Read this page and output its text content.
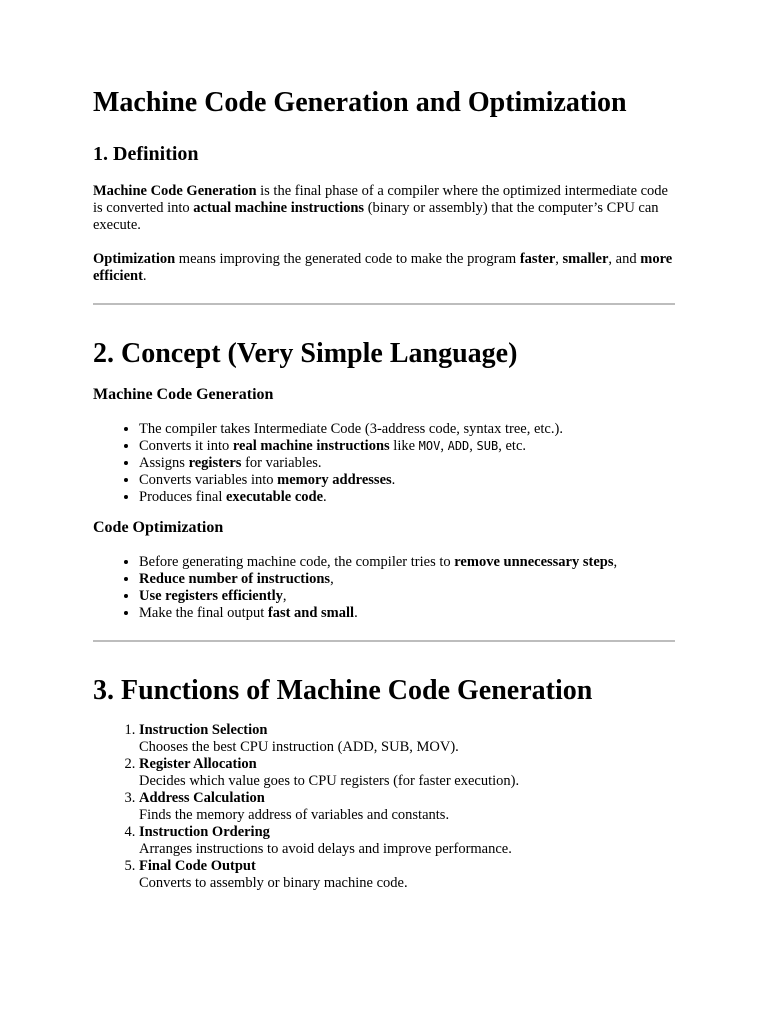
Machine Code Generation and Optimization
1. Definition

Machine Code Generation is the final phase of a compiler where the optimized intermediate code is converted into actual machine instructions (binary or assembly) that the computer’s CPU can execute.

Optimization means improving the generated code to make the program faster, smaller, and more efficient.

2. Concept (Very Simple Language)
Machine Code Generation
• The compiler takes Intermediate Code (3-address code, syntax tree, etc.).
• Converts it into real machine instructions like MOV, ADD, SUB, etc.
• Assigns registers for variables.
• Converts variables into memory addresses.
• Produces final executable code.
Code Optimization
• Before generating machine code, the compiler tries to remove unnecessary steps,
• Reduce number of instructions,
• Use registers efficiently,
• Make the final output fast and small.
3. Functions of Machine Code Generation
1. Instruction Selection
Chooses the best CPU instruction (ADD, SUB, MOV).
2. Register Allocation
Decides which value goes to CPU registers (for faster execution).
3. Address Calculation
Finds the memory address of variables and constants.
4. Instruction Ordering
Arranges instructions to avoid delays and improve performance.
5. Final Code Output
Converts to assembly or binary machine code.
